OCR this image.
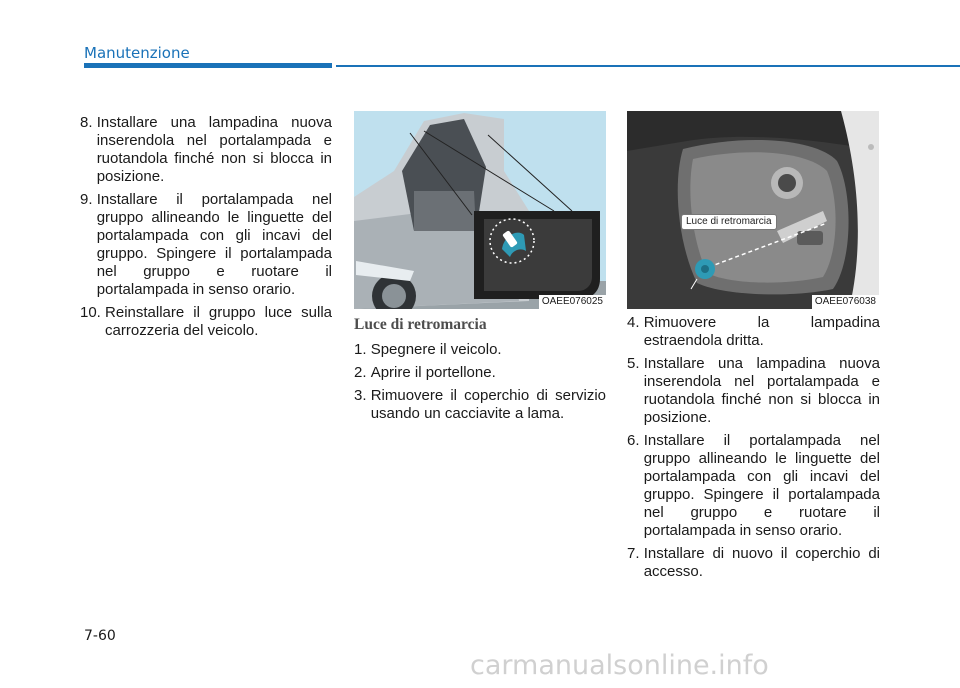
Manutenzione
8. Installare una lampadina nuova inserendola nel portalampada e ruotandola finché non si blocca in posizione.
9. Installare il portalampada nel gruppo allineando le linguette del portalampada con gli incavi del gruppo. Spingere il portalampada nel gruppo e ruotare il portalampada in senso orario.
10. Reinstallare il gruppo luce sulla carrozzeria del veicolo.
OAEE076025
Luce di retromarcia
1. Spegnere il veicolo.
2. Aprire il portellone.
3. Rimuovere il coperchio di servizio usando un cacciavite a lama.
Luce di retromarcia
OAEE076038
4. Rimuovere la lampadina estraendola dritta.
5. Installare una lampadina nuova inserendola nel portalampada e ruotandola finché non si blocca in posizione.
6. Installare il portalampada nel gruppo allineando le linguette del portalampada con gli incavi del gruppo. Spingere il portalampada nel gruppo e ruotare il portalampada in senso orario.
7. Installare di nuovo il coperchio di accesso.
7-60
carmanualsonline.info
